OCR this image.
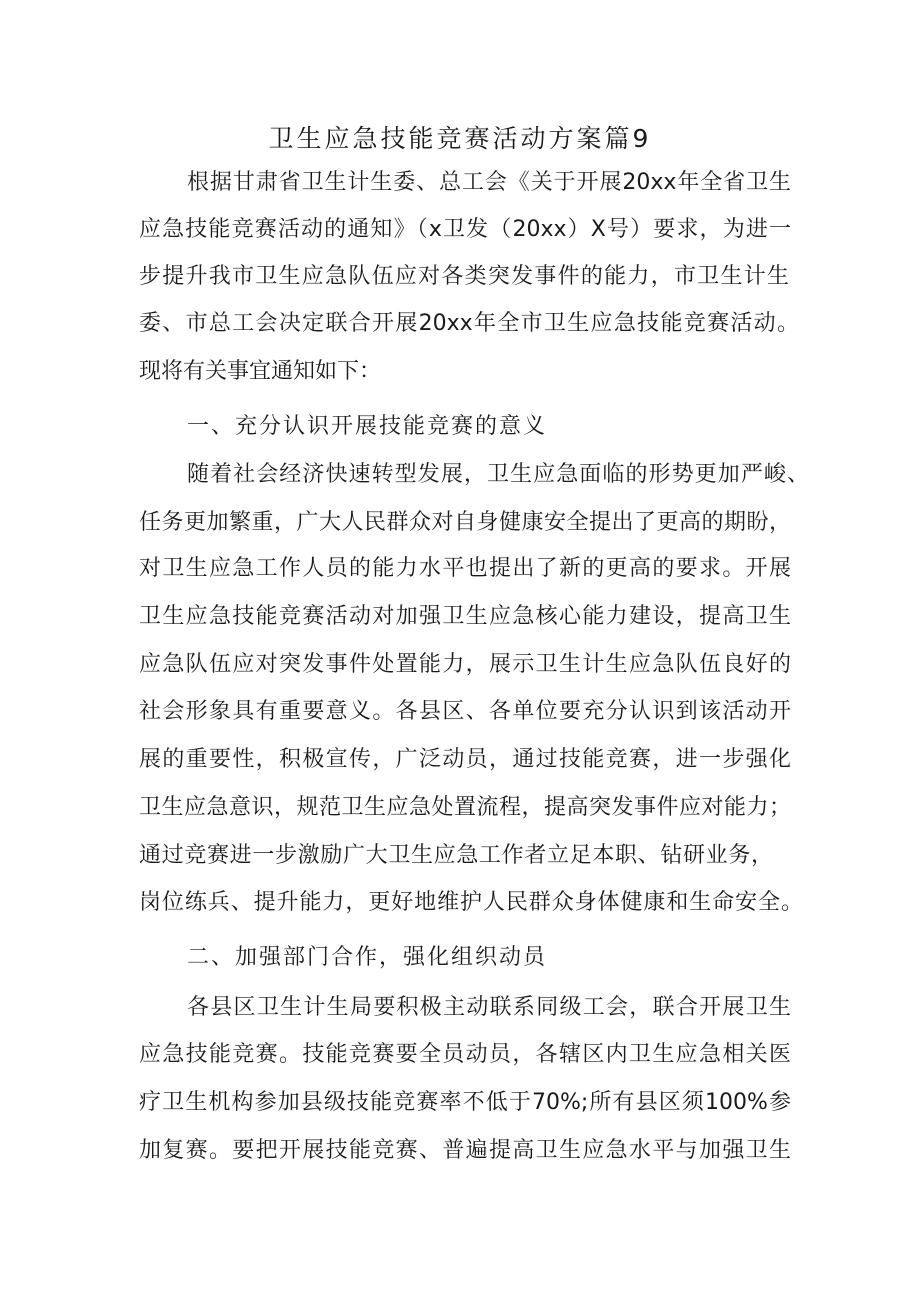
卫生应急技能竞赛活动方案篇9
根据甘肃省卫生计生委、总工会《关于开展20xx年全省卫生
应急技能竞赛活动的通知》（x卫发（20xx）X号）要求，为进一
步提升我市卫生应急队伍应对各类突发事件的能力，市卫生计生
委、市总工会决定联合开展20xx年全市卫生应急技能竞赛活动。
现将有关事宜通知如下：
一、充分认识开展技能竞赛的意义
随着社会经济快速转型发展，卫生应急面临的形势更加严峻、
任务更加繁重，广大人民群众对自身健康安全提出了更高的期盼，
对卫生应急工作人员的能力水平也提出了新的更高的要求。开展
卫生应急技能竞赛活动对加强卫生应急核心能力建设，提高卫生
应急队伍应对突发事件处置能力，展示卫生计生应急队伍良好的
社会形象具有重要意义。各县区、各单位要充分认识到该活动开
展的重要性，积极宣传，广泛动员，通过技能竞赛，进一步强化
卫生应急意识，规范卫生应急处置流程，提高突发事件应对能力；
通过竞赛进一步激励广大卫生应急工作者立足本职、钻研业务，
岗位练兵、提升能力，更好地维护人民群众身体健康和生命安全。
二、加强部门合作，强化组织动员
各县区卫生计生局要积极主动联系同级工会，联合开展卫生
应急技能竞赛。技能竞赛要全员动员，各辖区内卫生应急相关医
疗卫生机构参加县级技能竞赛率不低于70%;所有县区须100%参
加复赛。要把开展技能竞赛、普遍提高卫生应急水平与加强卫生
